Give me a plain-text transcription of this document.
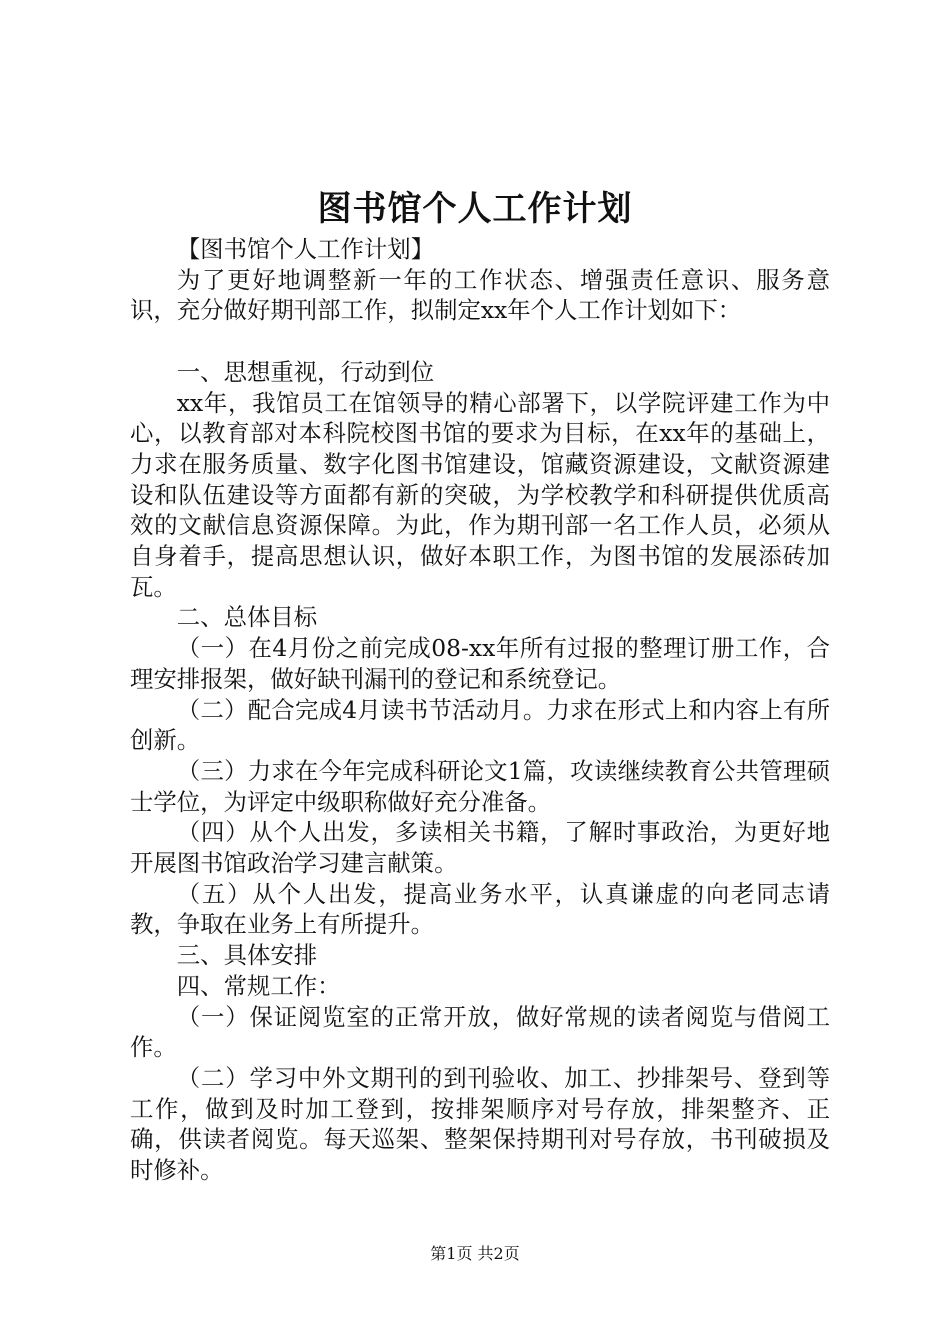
图书馆个人工作计划

【图书馆个人工作计划】

为了更好地调整新一年的工作状态、增强责任意识、服务意识，充分做好期刊部工作，拟制定xx年个人工作计划如下：

一、思想重视，行动到位

xx年，我馆员工在馆领导的精心部署下，以学院评建工作为中心，以教育部对本科院校图书馆的要求为目标，在xx年的基础上，力求在服务质量、数字化图书馆建设，馆藏资源建设，文献资源建设和队伍建设等方面都有新的突破，为学校教学和科研提供优质高效的文献信息资源保障。为此，作为期刊部一名工作人员，必须从自身着手，提高思想认识，做好本职工作，为图书馆的发展添砖加瓦。

二、总体目标

（一）在4月份之前完成08-xx年所有过报的整理订册工作，合理安排报架，做好缺刊漏刊的登记和系统登记。

（二）配合完成4月读书节活动月。力求在形式上和内容上有所创新。

（三）力求在今年完成科研论文1篇，攻读继续教育公共管理硕士学位，为评定中级职称做好充分准备。

（四）从个人出发，多读相关书籍，了解时事政治，为更好地开展图书馆政治学习建言献策。

（五）从个人出发，提高业务水平，认真谦虚的向老同志请教，争取在业务上有所提升。

三、具体安排

四、常规工作：

（一）保证阅览室的正常开放，做好常规的读者阅览与借阅工作。

（二）学习中外文期刊的到刊验收、加工、抄排架号、登到等工作，做到及时加工登到，按排架顺序对号存放，排架整齐、正确，供读者阅览。每天巡架、整架保持期刊对号存放，书刊破损及时修补。

第1页 共2页
